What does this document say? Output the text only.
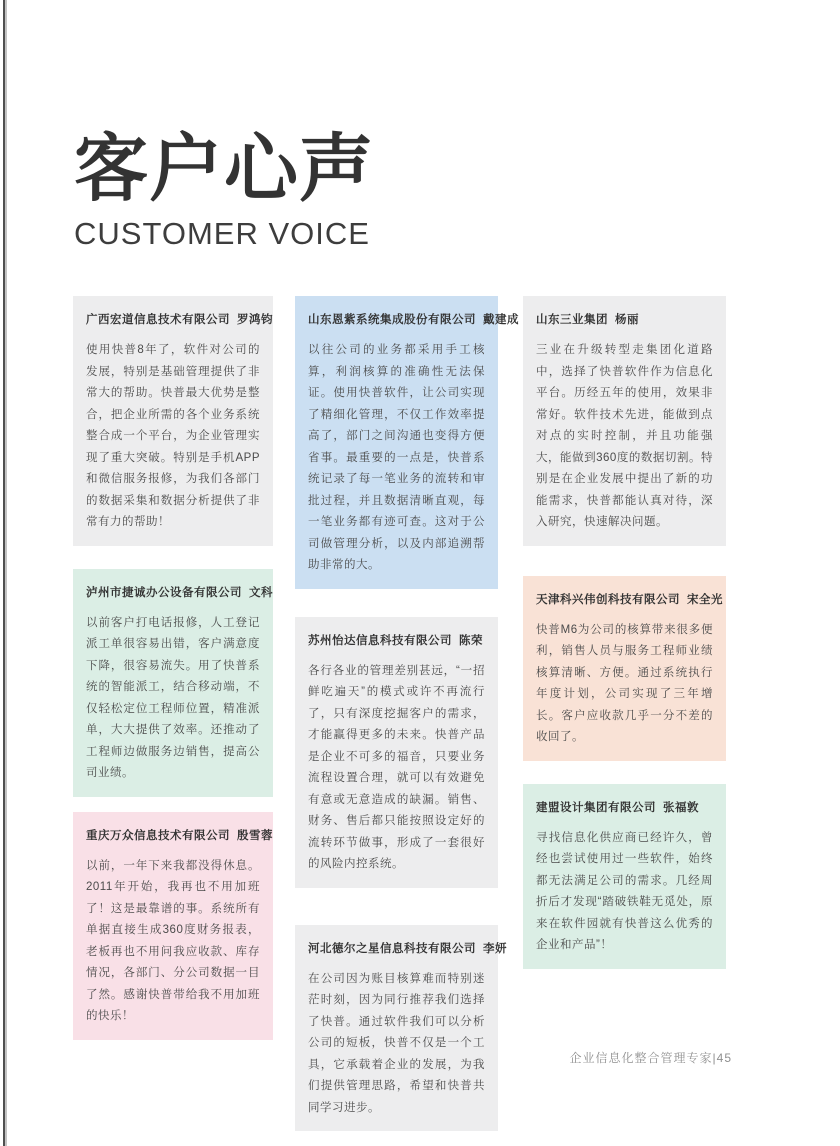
客户心声
CUSTOMER VOICE
广西宏道信息技术有限公司 罗鸿钧

使用快普8年了，软件对公司的发展，特别是基础管理提供了非常大的帮助。快普最大优势是整合，把企业所需的各个业务系统整合成一个平台，为企业管理实现了重大突破。特别是手机APP和微信服务报修，为我们各部门的数据采集和数据分析提供了非常有力的帮助！

泸州市捷诚办公设备有限公司 文科

以前客户打电话报修，人工登记派工单很容易出错，客户满意度下降，很容易流失。用了快普系统的智能派工，结合移动端，不仅轻松定位工程师位置，精准派单，大大提供了效率。还推动了工程师边做服务边销售，提高公司业绩。

重庆万众信息技术有限公司 殷雪蓉

以前，一年下来我都没得休息。2011年开始，我再也不用加班了！这是最靠谱的事。系统所有单据直接生成360度财务报表，老板再也不用问我应收款、库存情况，各部门、分公司数据一目了然。感谢快普带给我不用加班的快乐！

山东恩紫系统集成股份有限公司 戴建成

以往公司的业务都采用手工核算，利润核算的准确性无法保证。使用快普软件，让公司实现了精细化管理，不仅工作效率提高了，部门之间沟通也变得方便省事。最重要的一点是，快普系统记录了每一笔业务的流转和审批过程，并且数据清晰直观，每一笔业务都有迹可查。这对于公司做管理分析，以及内部追溯帮助非常的大。

苏州怡达信息科技有限公司 陈荣

各行各业的管理差别甚远，“一招鲜吃遍天”的模式或许不再流行了，只有深度挖掘客户的需求，才能赢得更多的未来。快普产品是企业不可多的福音，只要业务流程设置合理，就可以有效避免有意或无意造成的缺漏。销售、财务、售后都只能按照设定好的流转环节做事，形成了一套很好的风险内控系统。

河北德尔之星信息科技有限公司 李妍

在公司因为账目核算难而特别迷茫时刻，因为同行推荐我们选择了快普。通过软件我们可以分析公司的短板，快普不仅是一个工具，它承载着企业的发展，为我们提供管理思路，希望和快普共同学习进步。

山东三业集团 杨丽

三业在升级转型走集团化道路中，选择了快普软件作为信息化平台。历经五年的使用，效果非常好。软件技术先进，能做到点对点的实时控制，并且功能强大，能做到360度的数据切割。特别是在企业发展中提出了新的功能需求，快普都能认真对待，深入研究，快速解决问题。

天津科兴伟创科技有限公司 宋全光

快普M6为公司的核算带来很多便利，销售人员与服务工程师业绩核算清晰、方便。通过系统执行年度计划，公司实现了三年增长。客户应收款几乎一分不差的收回了。

建盟设计集团有限公司 张福敦

寻找信息化供应商已经许久，曾经也尝试使用过一些软件，始终都无法满足公司的需求。几经周折后才发现“踏破铁鞋无觅处，原来在软件园就有快普这么优秀的企业和产品”！

企业信息化整合管理专家|45
